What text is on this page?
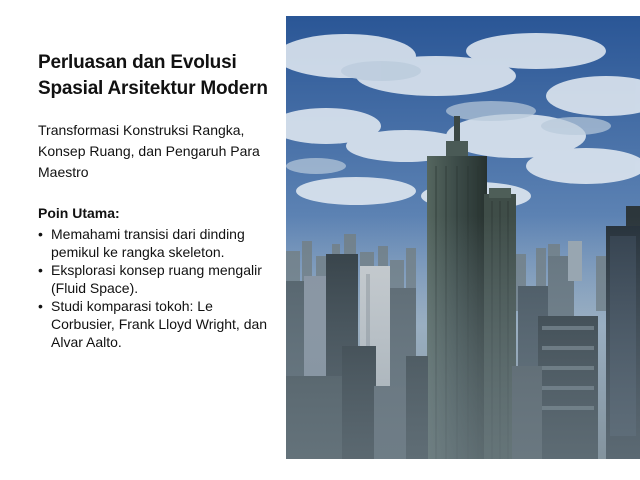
Perluasan dan Evolusi Spasial Arsitektur Modern

Transformasi Konstruksi Rangka, Konsep Ruang, dan Pengaruh Para Maestro

Poin Utama:

• Memahami transisi dari dinding pemikul ke rangka skeleton.
• Eksplorasi konsep ruang mengalir (Fluid Space).
• Studi komparasi tokoh: Le Corbusier, Frank Lloyd Wright, dan Alvar Aalto.
